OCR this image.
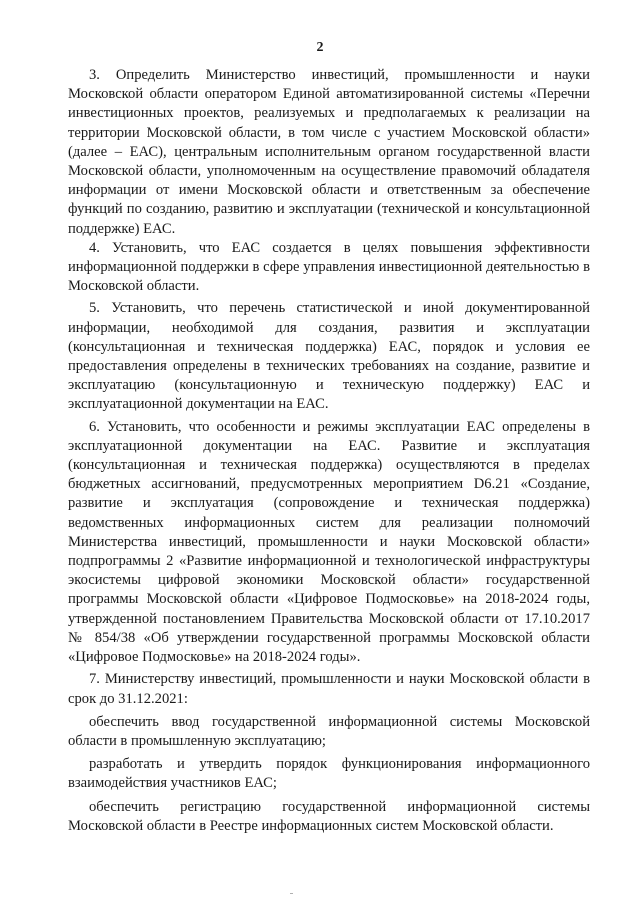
2

3. Определить Министерство инвестиций, промышленности и науки Московской области оператором Единой автоматизированной системы «Перечни инвестиционных проектов, реализуемых и предполагаемых к реализации на территории Московской области, в том числе с участием Московской области» (далее – ЕАС), центральным исполнительным органом государственной власти Московской области, уполномоченным на осуществление правомочий обладателя информации от имени Московской области и ответственным за обеспечение функций по созданию, развитию и эксплуатации (технической и консультационной поддержке) ЕАС.

4. Установить, что ЕАС создается в целях повышения эффективности информационной поддержки в сфере управления инвестиционной деятельностью в Московской области.

5. Установить, что перечень статистической и иной документированной информации, необходимой для создания, развития и эксплуатации (консультационная и техническая поддержка) ЕАС, порядок и условия ее предоставления определены в технических требованиях на создание, развитие и эксплуатацию (консультационную и техническую поддержку) ЕАС и эксплуатационной документации на ЕАС.

6. Установить, что особенности и режимы эксплуатации ЕАС определены в эксплуатационной документации на ЕАС. Развитие и эксплуатация (консультационная и техническая поддержка) осуществляются в пределах бюджетных ассигнований, предусмотренных мероприятием D6.21 «Создание, развитие и эксплуатация (сопровождение и техническая поддержка) ведомственных информационных систем для реализации полномочий Министерства инвестиций, промышленности и науки Московской области» подпрограммы 2 «Развитие информационной и технологической инфраструктуры экосистемы цифровой экономики Московской области» государственной программы Московской области «Цифровое Подмосковье» на 2018-2024 годы, утвержденной постановлением Правительства Московской области от 17.10.2017 № 854/38 «Об утверждении государственной программы Московской области «Цифровое Подмосковье» на 2018-2024 годы».

7. Министерству инвестиций, промышленности и науки Московской области в срок до 31.12.2021:

обеспечить ввод государственной информационной системы Московской области в промышленную эксплуатацию;

разработать и утвердить порядок функционирования информационного взаимодействия участников ЕАС;

обеспечить регистрацию государственной информационной системы Московской области в Реестре информационных систем Московской области.
